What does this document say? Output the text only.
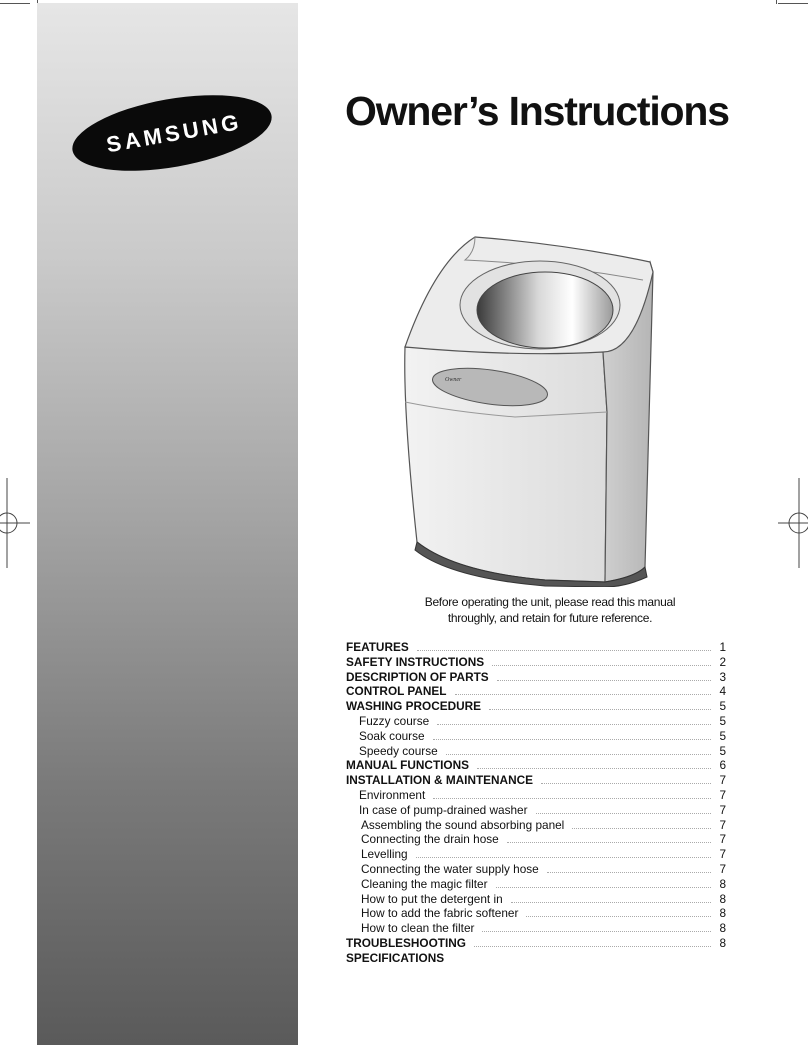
SAMSUNG Owner’s Instructions
Owner
Before operating the unit, please read this manual
throughly, and retain for future reference.
FEATURES	1
SAFETY INSTRUCTIONS	2
DESCRIPTION OF PARTS	3
CONTROL PANEL	4
WASHING PROCEDURE	5
Fuzzy course	5
Soak course	5
Speedy course	5
MANUAL FUNCTIONS	6
INSTALLATION & MAINTENANCE	7
Environment	7
In case of pump-drained washer	7
Assembling the sound absorbing panel	7
Connecting the drain hose	7
Levelling	7
Connecting the water supply hose	7
Cleaning the magic filter	8
How to put the detergent in	8
How to add the fabric softener	8
How to clean the filter	8
TROUBLESHOOTING	8
SPECIFICATIONS
